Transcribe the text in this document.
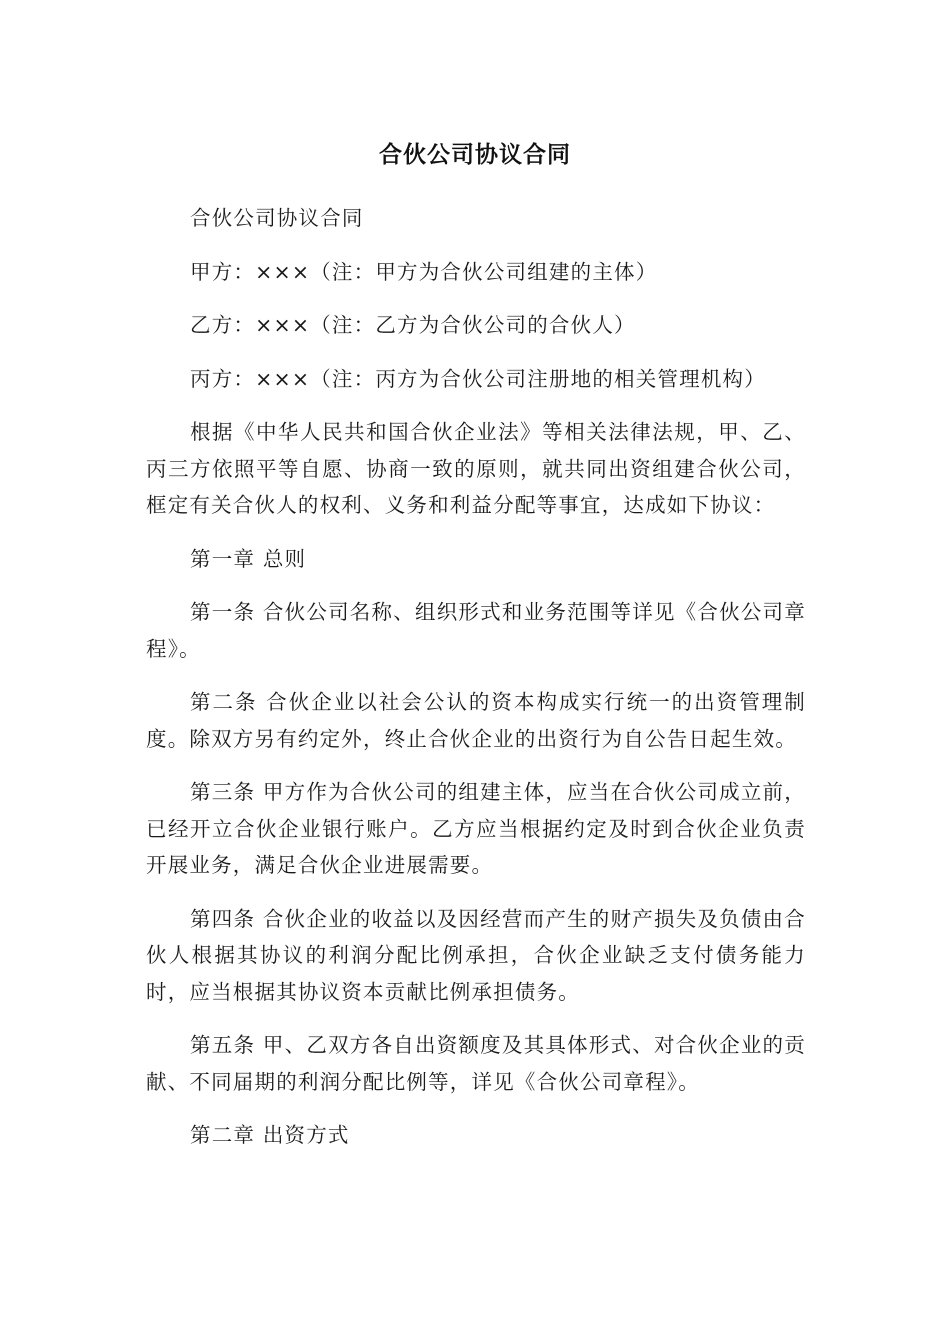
合伙公司协议合同

合伙公司协议合同

甲方：×××（注：甲方为合伙公司组建的主体）

乙方：×××（注：乙方为合伙公司的合伙人）

丙方：×××（注：丙方为合伙公司注册地的相关管理机构）

根据《中华人民共和国合伙企业法》等相关法律法规，甲、乙、丙三方依照平等自愿、协商一致的原则，就共同出资组建合伙公司，框定有关合伙人的权利、义务和利益分配等事宜，达成如下协议：

第一章 总则

第一条 合伙公司名称、组织形式和业务范围等详见《合伙公司章程》。

第二条 合伙企业以社会公认的资本构成实行统一的出资管理制度。除双方另有约定外，终止合伙企业的出资行为自公告日起生效。

第三条 甲方作为合伙公司的组建主体，应当在合伙公司成立前，已经开立合伙企业银行账户。乙方应当根据约定及时到合伙企业负责开展业务，满足合伙企业进展需要。

第四条 合伙企业的收益以及因经营而产生的财产损失及负债由合伙人根据其协议的利润分配比例承担，合伙企业缺乏支付债务能力时，应当根据其协议资本贡献比例承担债务。

第五条 甲、乙双方各自出资额度及其具体形式、对合伙企业的贡献、不同届期的利润分配比例等，详见《合伙公司章程》。

第二章 出资方式
